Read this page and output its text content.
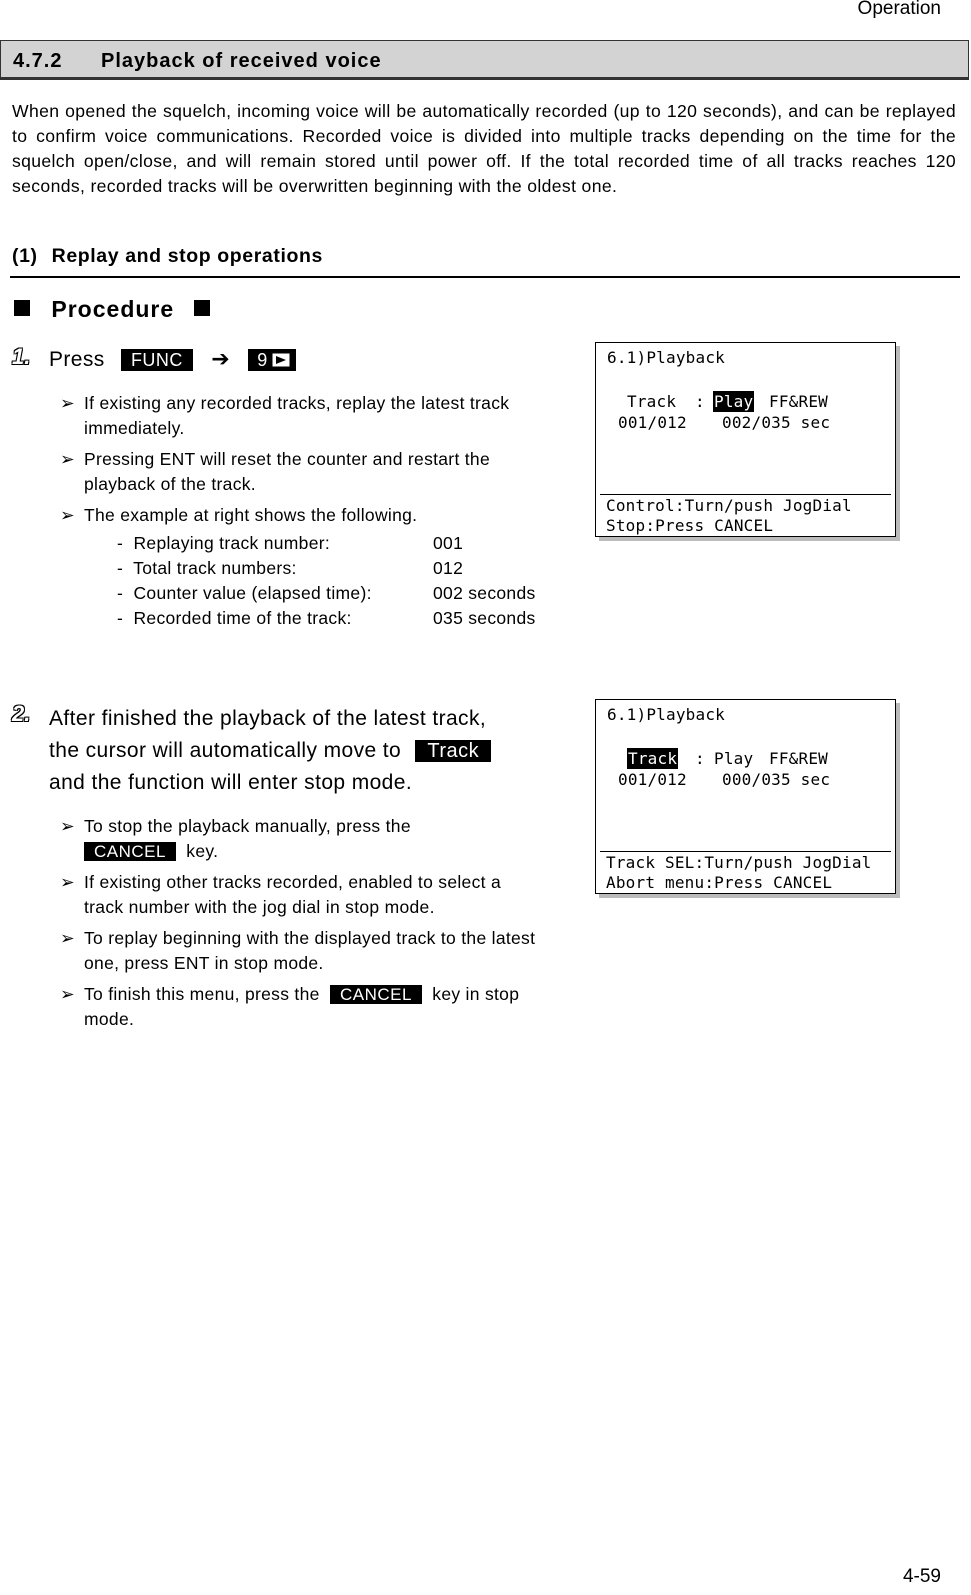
Operation
4.7.2 Playback of received voice
When opened the squelch, incoming voice will be automatically recorded (up to 120 seconds), and can be replayed to confirm voice communications. Recorded voice is divided into multiple tracks depending on the time for the squelch open/close, and will remain stored until power off. If the total recorded time of all tracks reaches 120 seconds, recorded tracks will be overwritten beginning with the oldest one.
(1) Replay and stop operations
Procedure
1. Press FUNC ➔ 9
➢ If existing any recorded tracks, replay the latest track immediately.
➢ Pressing ENT will reset the counter and restart the playback of the track.
➢ The example at right shows the following.
- Replaying track number:	001
- Total track numbers:	012
- Counter value (elapsed time):	002 seconds
- Recorded time of the track:	035 seconds
6.1)Playback
Track : Play FF&REW
001/012 002/035 sec
Control:Turn/push JogDial
Stop:Press CANCEL
2. After finished the playback of the latest track,
the cursor will automatically move to Track
and the function will enter stop mode.
➢ To stop the playback manually, press the
CANCEL key.
➢ If existing other tracks recorded, enabled to select a track number with the jog dial in stop mode.
➢ To replay beginning with the displayed track to the latest one, press ENT in stop mode.
➢ To finish this menu, press the CANCEL key in stop mode.
6.1)Playback
Track : Play FF&REW
001/012 000/035 sec
Track SEL:Turn/push JogDial
Abort menu:Press CANCEL
4-59
